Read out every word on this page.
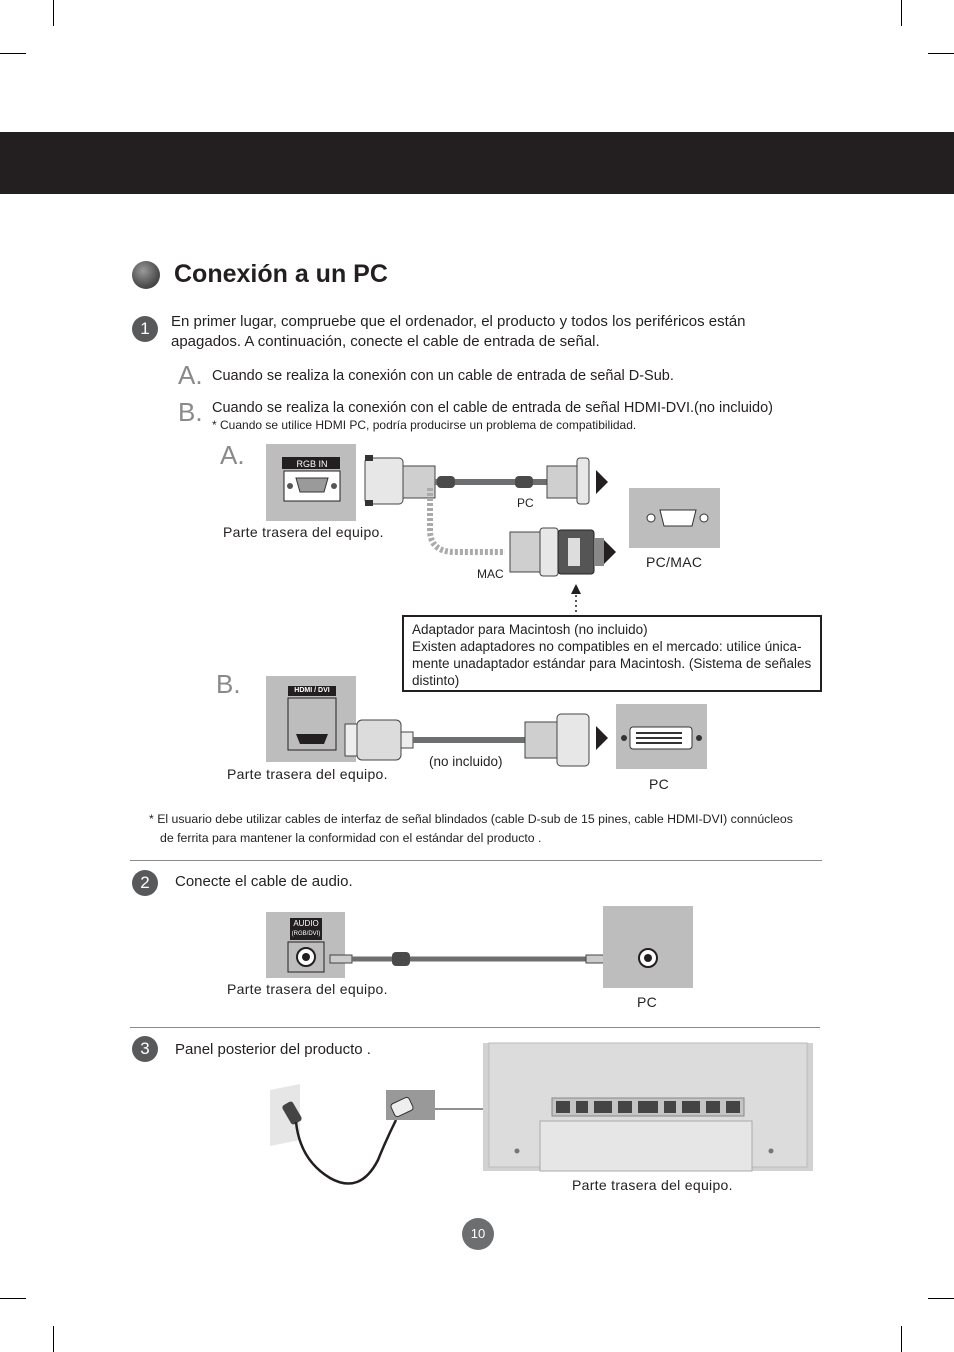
Conexión a un PC
1	En primer lugar, compruebe que el ordenador, el producto y todos los periféricos están
apagados. A continuación, conecte el cable de entrada de señal.
A. Cuando se realiza la conexión con un cable de entrada de señal D-Sub.
B. Cuando se realiza la conexión con el cable de entrada de señal HDMI-DVI.(no incluido)
* Cuando se utilice HDMI PC, podría producirse un problema de compatibilidad.
A.	RGB IN
Parte trasera del equipo.
PC
MAC
PC/MAC
Adaptador para Macintosh (no incluido)
Existen adaptadores no compatibles en el mercado: utilice única-
mente unadaptador estándar para Macintosh. (Sistema de señales
distinto)
B.	HDMI / DVI
Parte trasera del equipo.
(no incluido)
PC
* El usuario debe utilizar cables de interfaz de señal blindados (cable D-sub de 15 pines, cable HDMI-DVI) connúcleos
de ferrita para mantener la conformidad con el estándar del producto .
2	Conecte el cable de audio.
AUDIO
(RGB/DVI)
Parte trasera del equipo.
PC
3	Panel posterior del producto .
Parte trasera del equipo.
10
